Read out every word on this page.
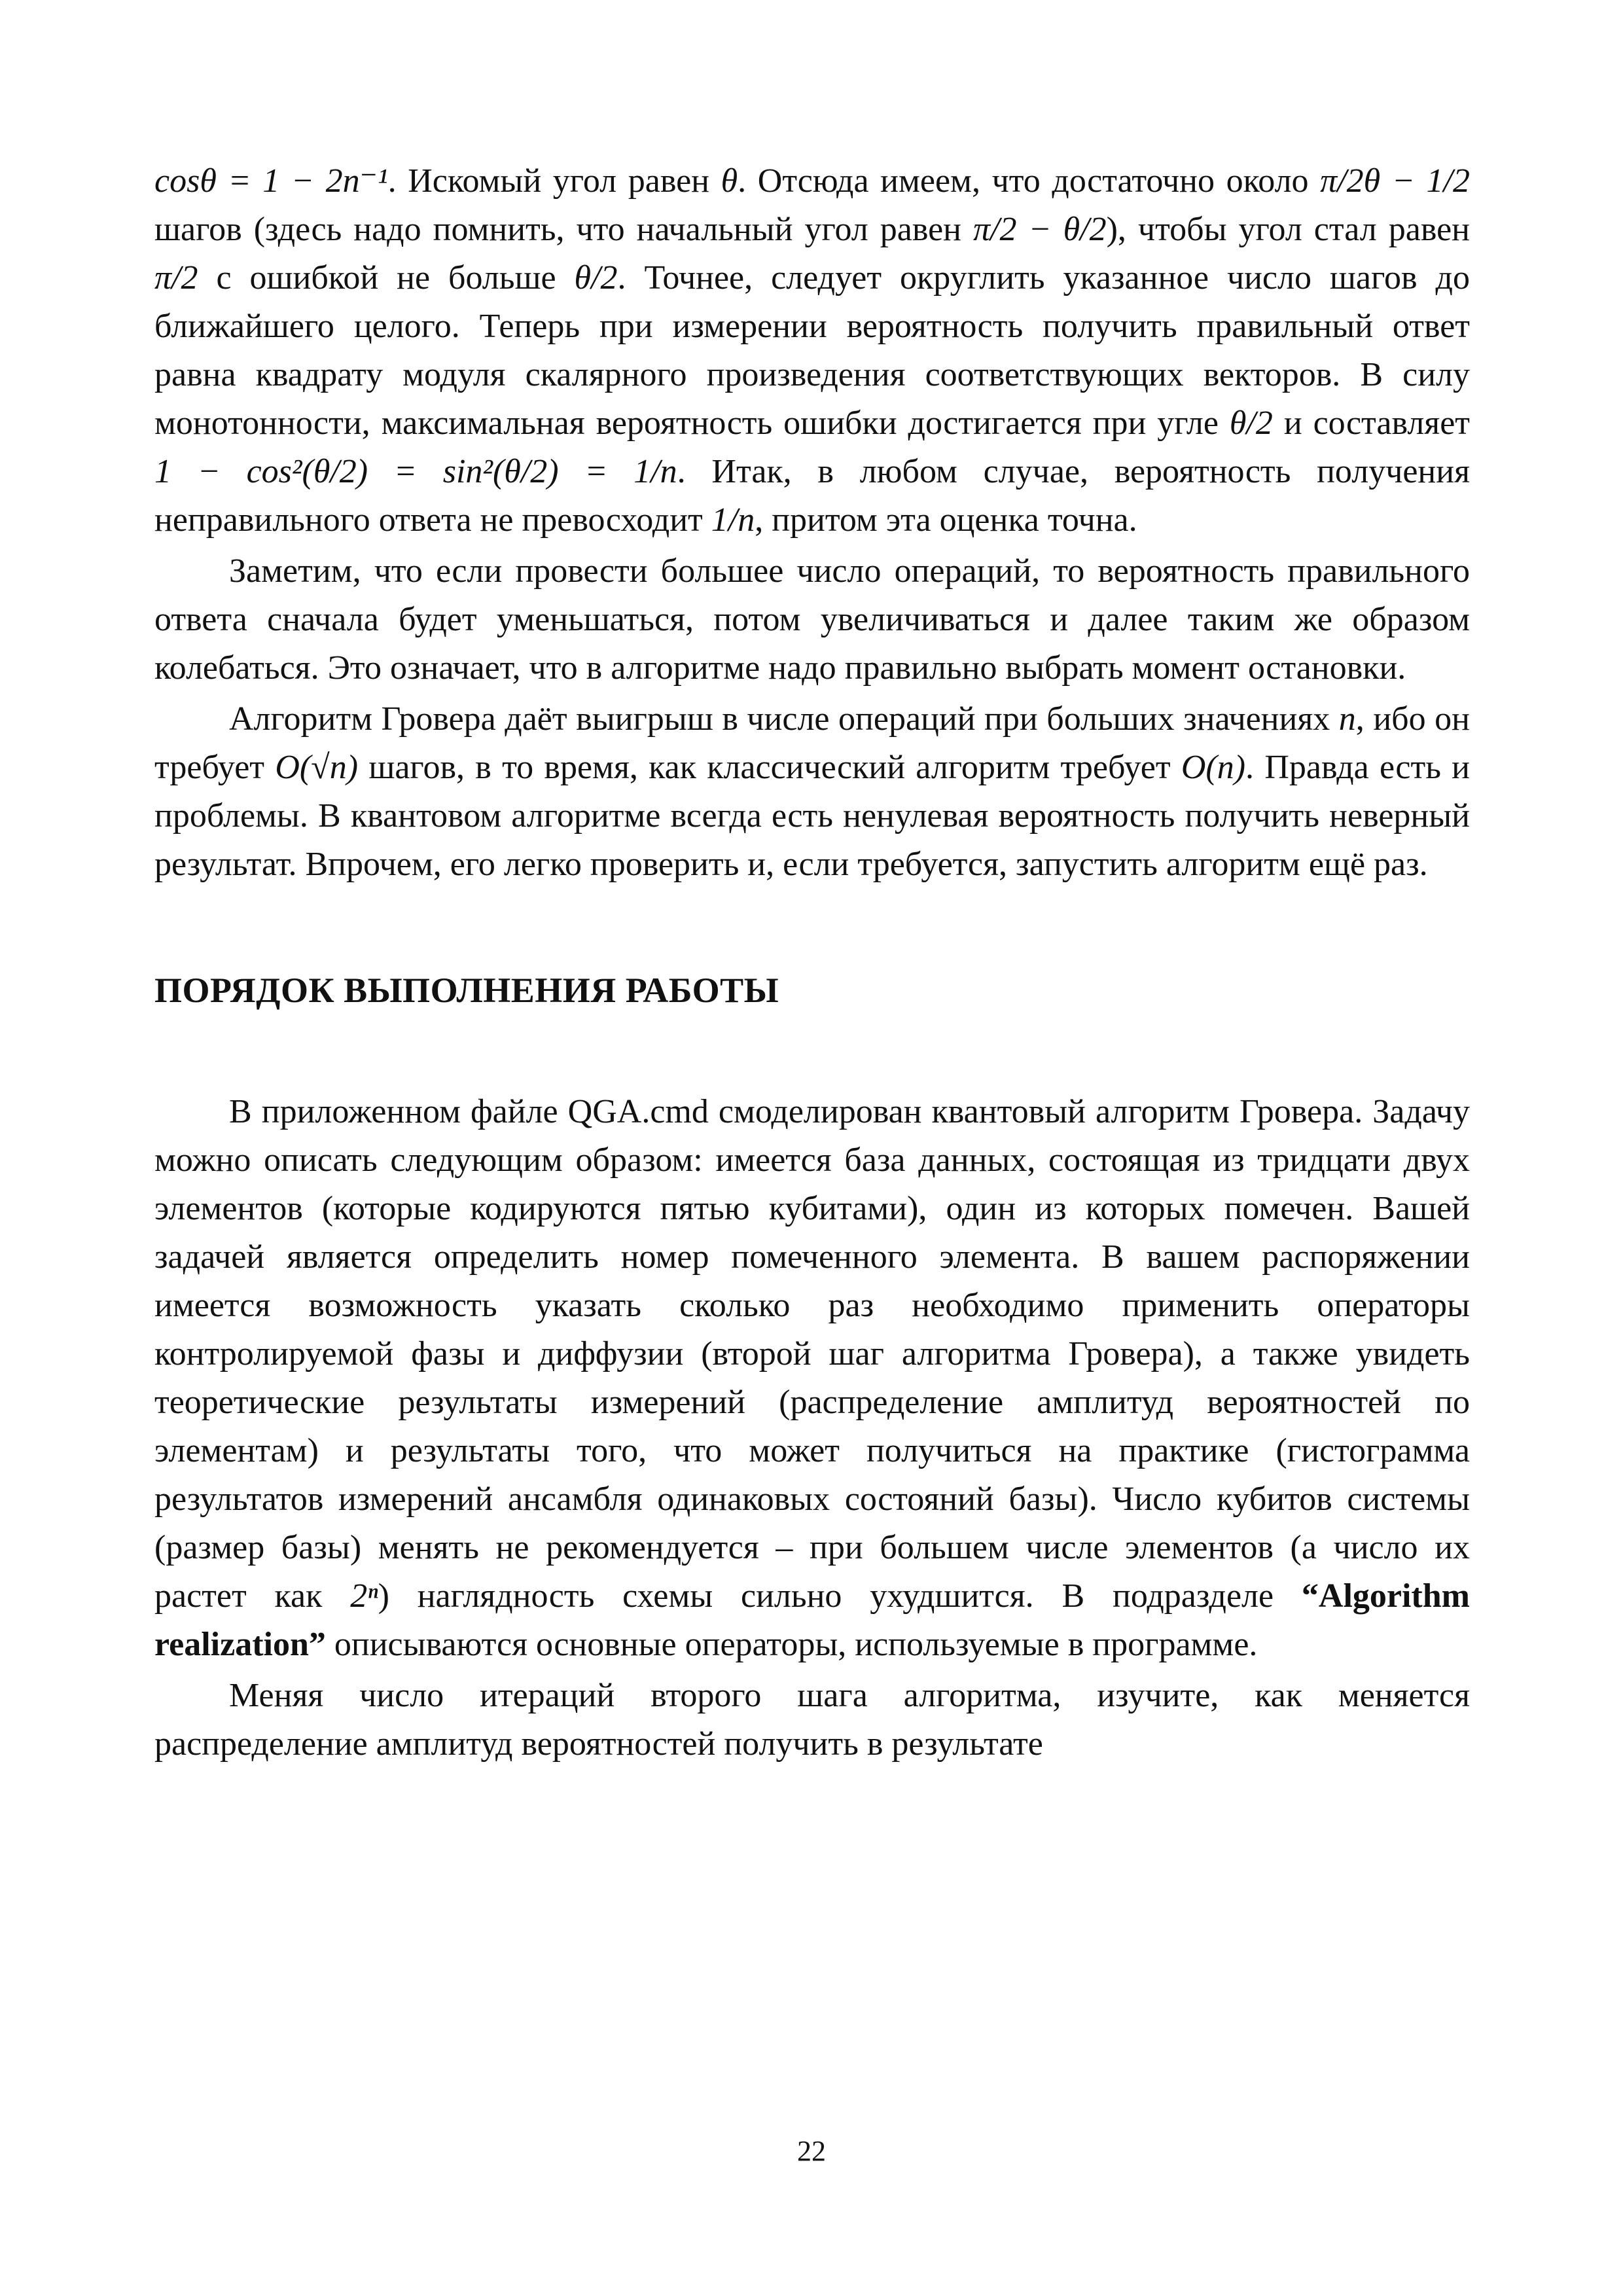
cosθ = 1 − 2n⁻¹. Искомый угол равен θ. Отсюда имеем, что достаточно около π/2θ − 1/2 шагов (здесь надо помнить, что начальный угол равен π/2 − θ/2), чтобы угол стал равен π/2 с ошибкой не больше θ/2. Точнее, следует округлить указанное число шагов до ближайшего целого. Теперь при измерении вероятность получить правильный ответ равна квадрату модуля скалярного произведения соответствующих векторов. В силу монотонности, максимальная вероятность ошибки достигается при угле θ/2 и составляет 1 − cos²(θ/2) = sin²(θ/2) = 1/n. Итак, в любом случае, вероятность получения неправильного ответа не превосходит 1/n, притом эта оценка точна.

Заметим, что если провести большее число операций, то вероятность правильного ответа сначала будет уменьшаться, потом увеличиваться и далее таким же образом колебаться. Это означает, что в алгоритме надо правильно выбрать момент остановки.

Алгоритм Гровера даёт выигрыш в числе операций при больших значениях n, ибо он требует O(√n) шагов, в то время, как классический алгоритм требует O(n). Правда есть и проблемы. В квантовом алгоритме всегда есть ненулевая вероятность получить неверный результат. Впрочем, его легко проверить и, если требуется, запустить алгоритм ещё раз.

ПОРЯДОК ВЫПОЛНЕНИЯ РАБОТЫ

В приложенном файле QGA.cmd смоделирован квантовый алгоритм Гровера. Задачу можно описать следующим образом: имеется база данных, состоящая из тридцати двух элементов (которые кодируются пятью кубитами), один из которых помечен. Вашей задачей является определить номер помеченного элемента. В вашем распоряжении имеется возможность указать сколько раз необходимо применить операторы контролируемой фазы и диффузии (второй шаг алгоритма Гровера), а также увидеть теоретические результаты измерений (распределение амплитуд вероятностей по элементам) и результаты того, что может получиться на практике (гистограмма результатов измерений ансамбля одинаковых состояний базы). Число кубитов системы (размер базы) менять не рекомендуется – при большем числе элементов (а число их растет как 2ⁿ) наглядность схемы сильно ухудшится. В подразделе “Algorithm realization” описываются основные операторы, используемые в программе.

Меняя число итераций второго шага алгоритма, изучите, как меняется распределение амплитуд вероятностей получить в результате

22
